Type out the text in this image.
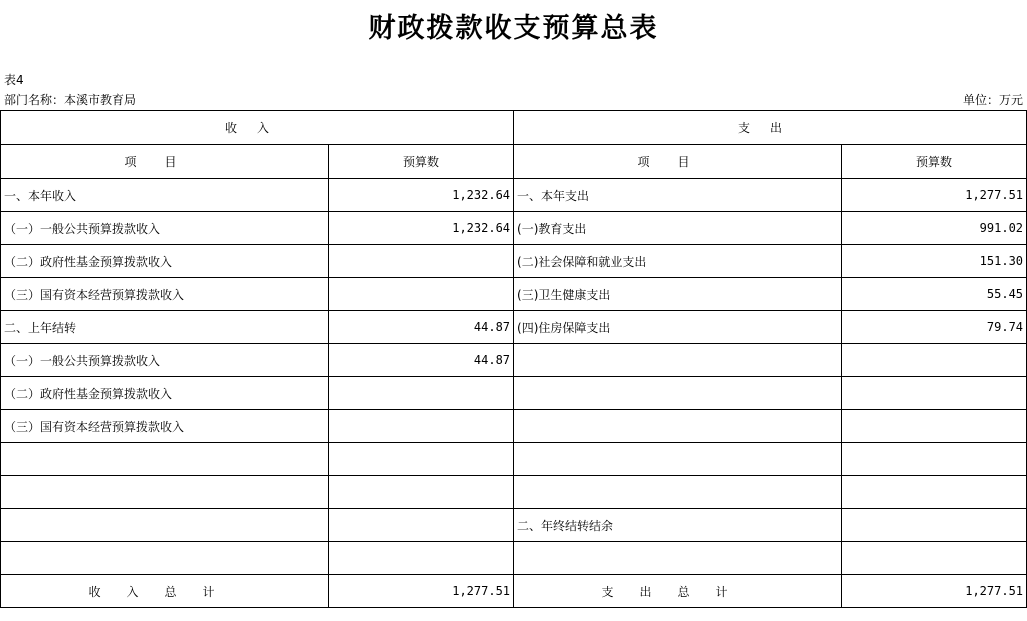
财政拨款收支预算总表
表4
部门名称：本溪市教育局	单位：万元
收入		支出	
项目	预算数	项目	预算数
一、本年收入	1,232.64	一、本年支出	1,277.51
（一）一般公共预算拨款收入	1,232.64	(一)教育支出	991.02
（二）政府性基金预算拨款收入		(二)社会保障和就业支出	151.30
（三）国有资本经营预算拨款收入		(三)卫生健康支出	55.45
二、上年结转	44.87	(四)住房保障支出	79.74
（一）一般公共预算拨款收入	44.87		
（二）政府性基金预算拨款收入			
（三）国有资本经营预算拨款收入			

		二、年终结转结余	

收入总计	1,277.51	支出总计	1,277.51
